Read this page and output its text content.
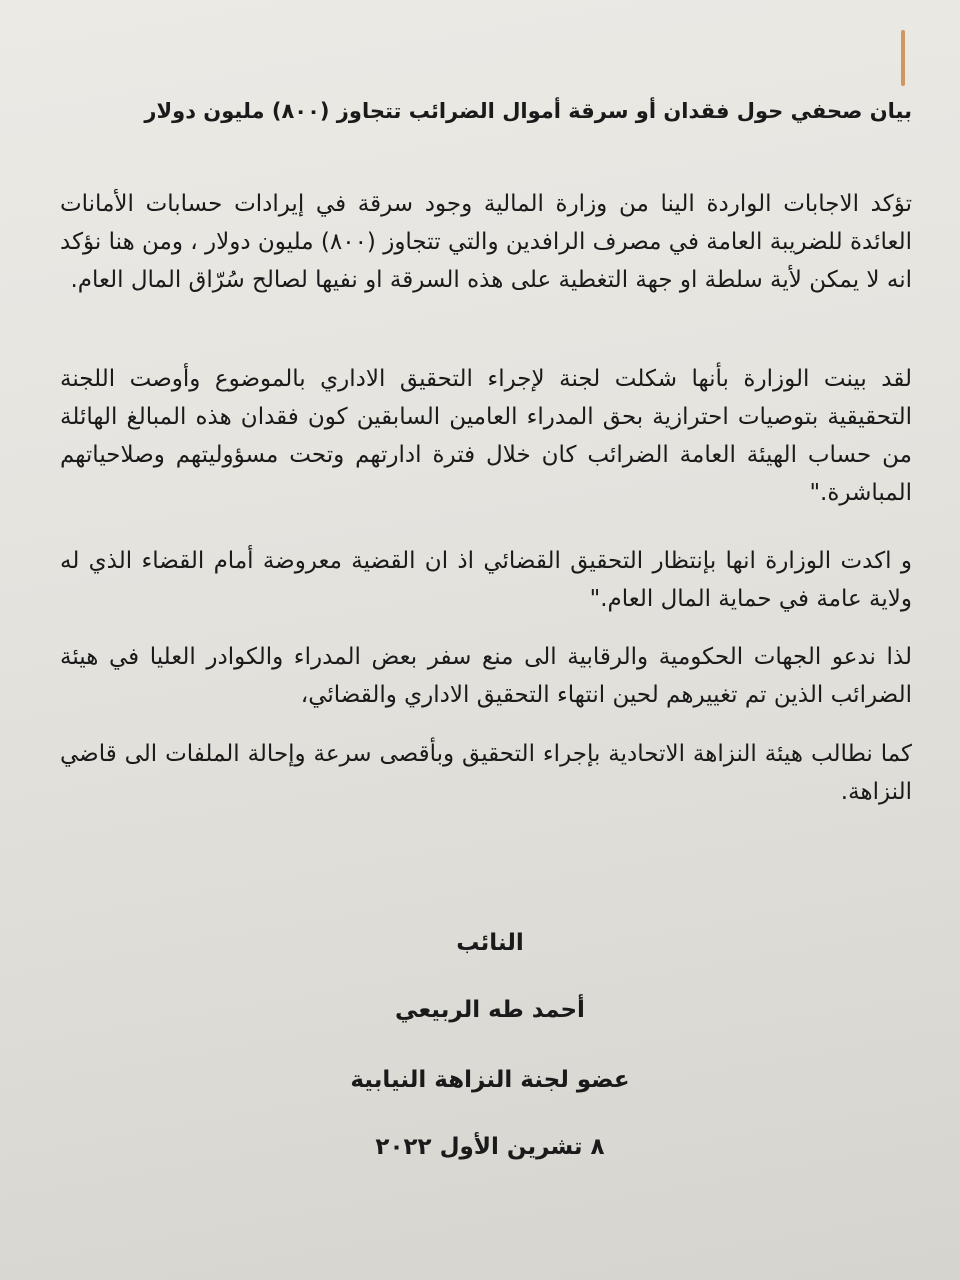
بيان صحفي حول فقدان أو سرقة أموال الضرائب تتجاوز (٨٠٠) مليون دولار
تؤكد الاجابات الواردة الينا من وزارة المالية وجود سرقة في إيرادات حسابات الأمانات العائدة للضريبة العامة في مصرف الرافدين والتي تتجاوز (٨٠٠) مليون دولار ، ومن هنا نؤكد انه لا يمكن لأية سلطة او جهة التغطية على هذه السرقة او نفيها لصالح سُرّاق المال العام.
لقد بينت الوزارة بأنها شكلت لجنة لإجراء التحقيق الاداري بالموضوع وأوصت اللجنة التحقيقية بتوصيات احترازية بحق المدراء العامين السابقين كون فقدان هذه المبالغ الهائلة من حساب الهيئة العامة الضرائب كان خلال فترة ادارتهم وتحت مسؤوليتهم وصلاحياتهم المباشرة."
و اكدت الوزارة انها بإنتظار التحقيق القضائي اذ ان القضية معروضة أمام القضاء الذي له ولاية عامة في حماية المال العام."
لذا ندعو الجهات الحكومية والرقابية الى منع سفر بعض المدراء والكوادر العليا في هيئة الضرائب الذين تم تغييرهم لحين انتهاء التحقيق الاداري والقضائي،
كما نطالب هيئة النزاهة الاتحادية بإجراء التحقيق وبأقصى سرعة وإحالة الملفات الى قاضي النزاهة.
النائب
أحمد طه الربيعي
عضو لجنة النزاهة النيابية
٨ تشرين الأول ٢٠٢٢
